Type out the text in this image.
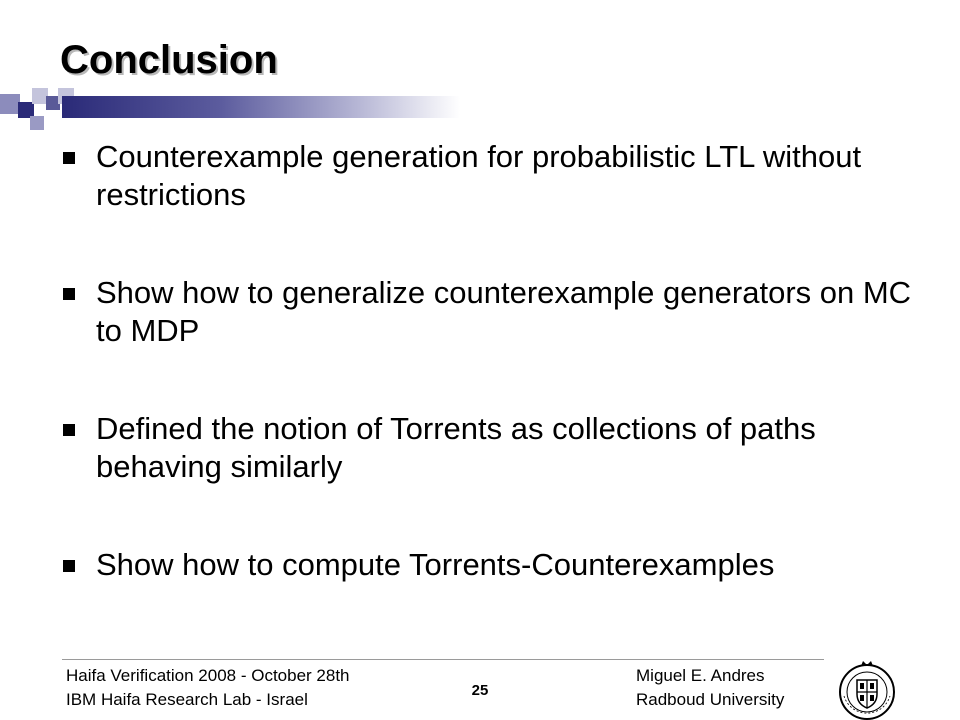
Conclusion
Counterexample generation for probabilistic LTL without restrictions
Show how to generalize counterexample generators on MC to MDP
Defined the notion of Torrents as collections of paths behaving similarly
Show how to compute Torrents-Counterexamples
Haifa Verification 2008 - October 28th
IBM Haifa Research Lab - Israel	25
Miguel E. Andres
Radboud University
